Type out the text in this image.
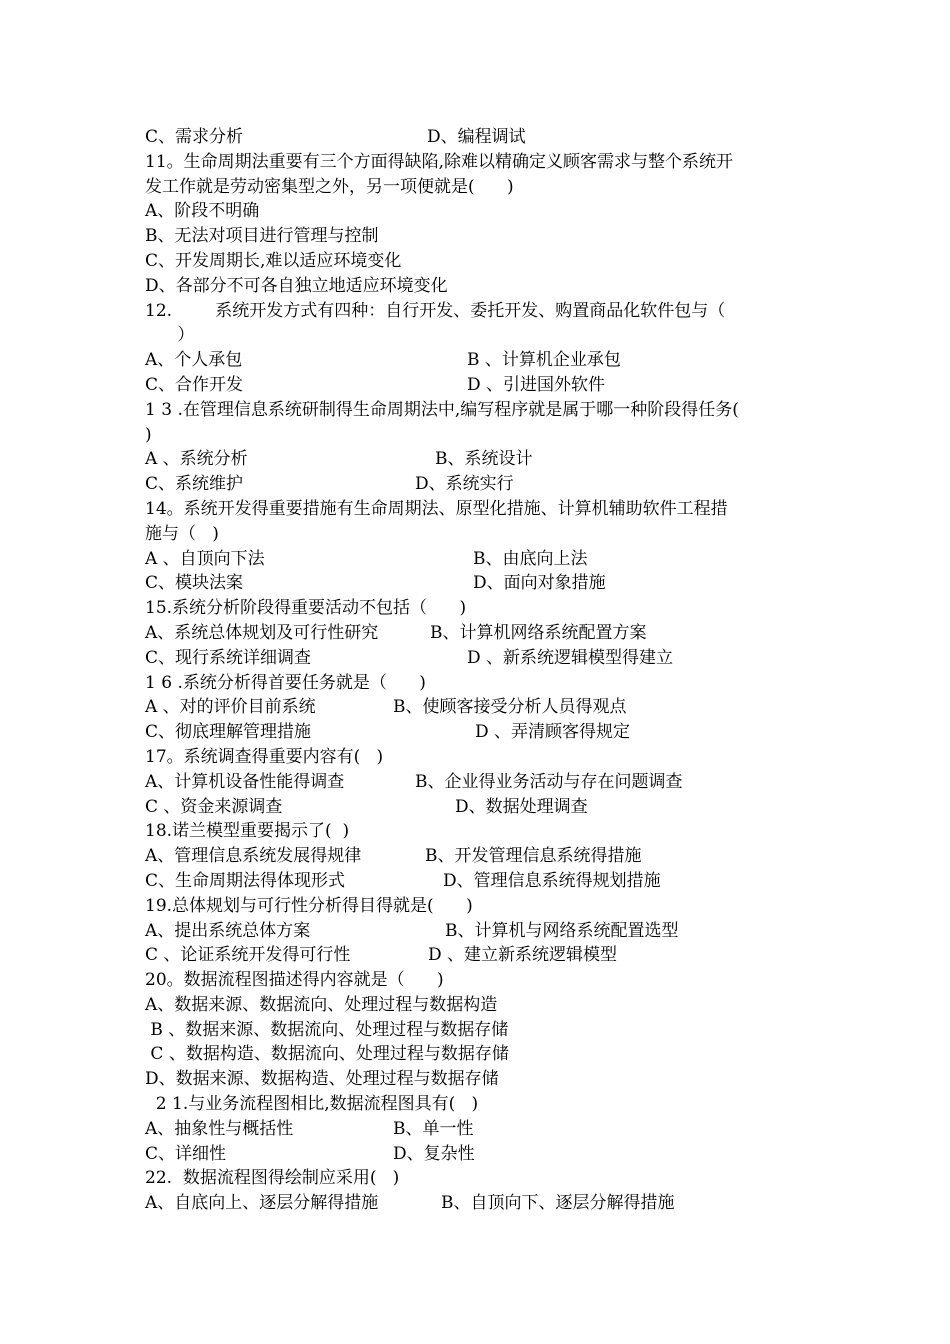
C、需求分析	D、编程调试
11。生命周期法重要有三个方面得缺陷,除难以精确定义顾客需求与整个系统开
发工作就是劳动密集型之外，另一项便就是(      )
A、阶段不明确
B、无法对项目进行管理与控制
C、开发周期长,难以适应环境变化
D、各部分不可各自独立地适应环境变化
12.        系统开发方式有四种：自行开发、委托开发、购置商品化软件包与（
）
A、个人承包	B 、计算机企业承包
C、合作开发	D 、引进国外软件
1 3 .在管理信息系统研制得生命周期法中,编写程序就是属于哪一种阶段得任务(
)
A 、系统分析	B、系统设计
C、系统维护	D、系统实行
14。系统开发得重要措施有生命周期法、原型化措施、计算机辅助软件工程措
施与（   )
A 、自顶向下法	B、由底向上法
C、模块法案	D、面向对象措施
15.系统分析阶段得重要活动不包括（      )
A、系统总体规划及可行性研究	B、计算机网络系统配置方案
C、现行系统详细调查	D 、新系统逻辑模型得建立
1 6 .系统分析得首要任务就是（      )
A 、对的评价目前系统	B、使顾客接受分析人员得观点
C、彻底理解管理措施	D 、弄清顾客得规定
17。系统调查得重要内容有(   )
A、计算机设备性能得调查	B、企业得业务活动与存在问题调查
C 、资金来源调查	D、数据处理调查
18.诺兰模型重要揭示了(  )
A、管理信息系统发展得规律	B、开发管理信息系统得措施
C、生命周期法得体现形式	D、管理信息系统得规划措施
19.总体规划与可行性分析得目得就是(      )
A、提出系统总体方案	B、计算机与网络系统配置选型
C 、论证系统开发得可行性	D 、建立新系统逻辑模型
20。数据流程图描述得内容就是（      )
A、数据来源、数据流向、处理过程与数据构造
B 、数据来源、数据流向、处理过程与数据存储
C 、数据构造、数据流向、处理过程与数据存储
D、数据来源、数据构造、处理过程与数据存储
2 1.与业务流程图相比,数据流程图具有(   )
A、抽象性与概括性	B、单一性
C、详细性	D、复杂性
22.  数据流程图得绘制应采用(   )
A、自底向上、逐层分解得措施	B、自顶向下、逐层分解得措施
